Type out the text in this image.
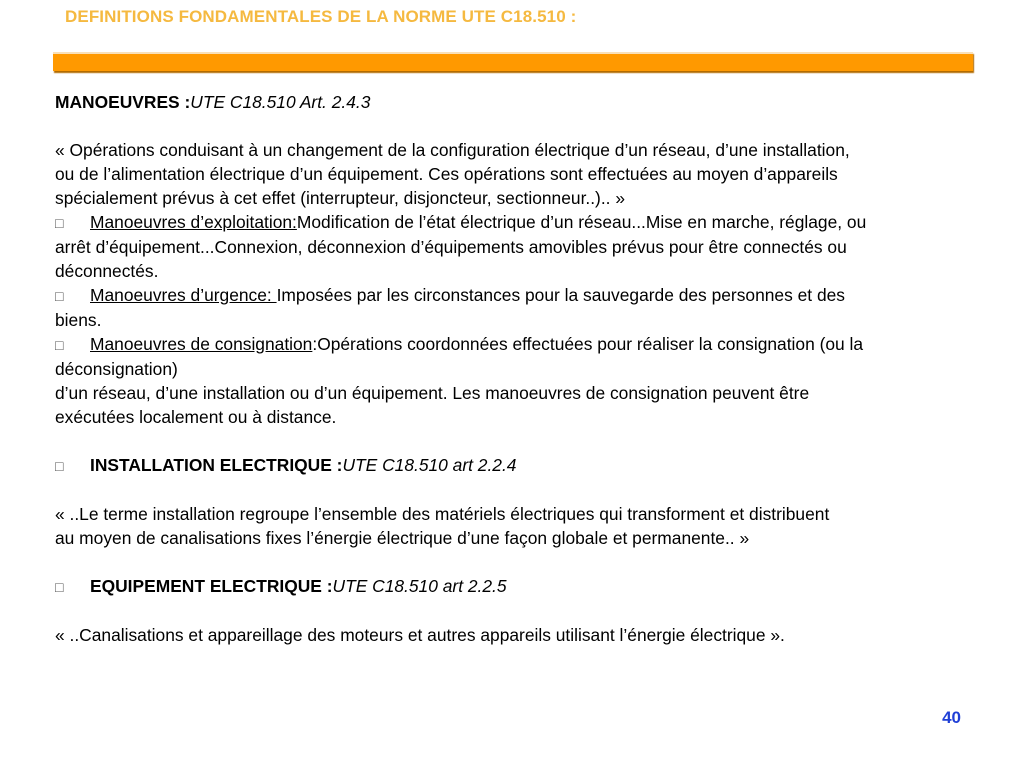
DEFINITIONS FONDAMENTALES DE LA NORME UTE C18.510 :

MANOEUVRES :UTE C18.510 Art. 2.4.3

« Opérations conduisant à un changement de la configuration électrique d’un réseau, d’une installation,

ou de l’alimentation électrique d’un équipement. Ces opérations sont effectuées au moyen d’appareils

spécialement prévus à cet effet (interrupteur, disjoncteur, sectionneur..).. »

□ Manoeuvres d’exploitation:Modification de l’état électrique d’un réseau...Mise en marche, réglage, ou

arrêt d’équipement...Connexion, déconnexion d’équipements amovibles prévus pour être connectés ou

déconnectés.

□ Manoeuvres d’urgence: Imposées par les circonstances pour la sauvegarde des personnes et des

biens.

□ Manoeuvres de consignation:Opérations coordonnées effectuées pour réaliser la consignation (ou la

déconsignation)

d’un réseau, d’une installation ou d’un équipement. Les manoeuvres de consignation peuvent être

exécutées localement ou à distance.

□ INSTALLATION ELECTRIQUE :UTE C18.510 art 2.2.4

« ..Le terme installation regroupe l’ensemble des matériels électriques qui transforment et distribuent

au moyen de canalisations fixes l’énergie électrique d’une façon globale et permanente.. »

□ EQUIPEMENT ELECTRIQUE :UTE C18.510 art 2.2.5

« ..Canalisations et appareillage des moteurs et autres appareils utilisant l’énergie électrique ».

40
